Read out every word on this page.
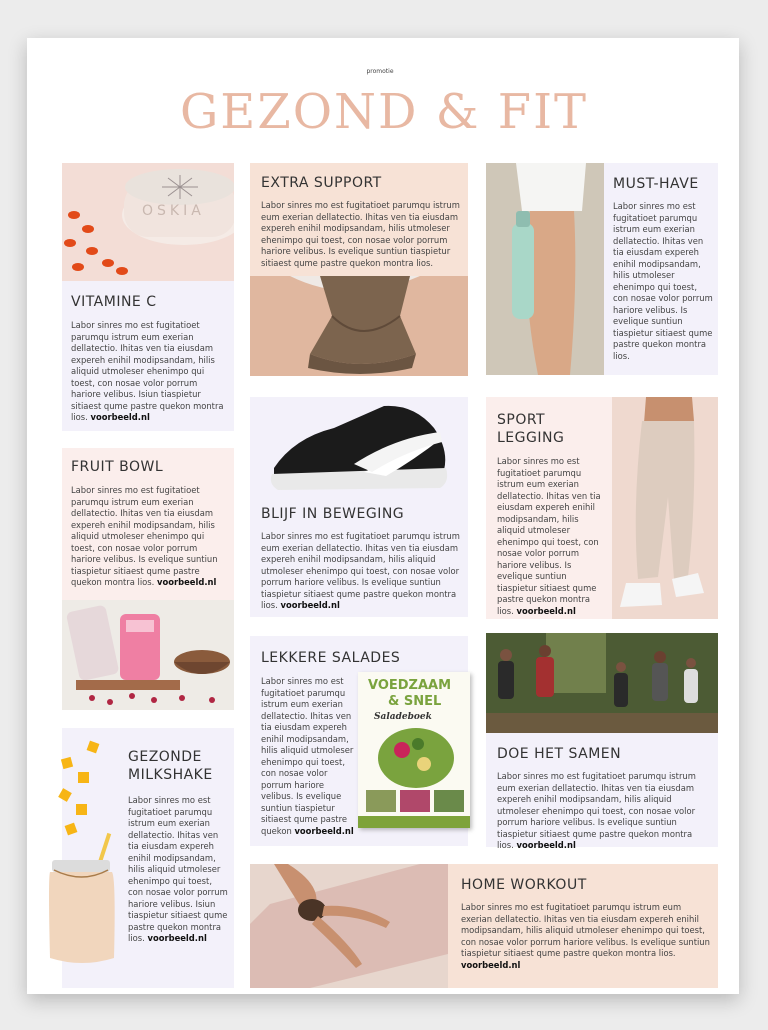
promotie
GEZOND & FIT
OSKIA
VITAMINE C
Labor sinres mo est fugitatioet parumqu istrum eum exerian dellatectio. Ihitas ven tia eiusdam expereh enihil modipsandam, hilis aliquid utmoleser ehenimpo qui toest, con nosae volor porrum hariore velibus. Isiun tiaspietur sitiaest qume pastre quekon montra lios. voorbeeld.nl
EXTRA SUPPORT
Labor sinres mo est fugitatioet parumqu istrum eum exerian dellatectio. Ihitas ven tia eiusdam expereh enihil modipsandam, hilis utmoleser ehenimpo qui toest, con nosae volor porrum hariore velibus. Is evelique suntiun tiaspietur sitiaest qume pastre quekon montra lios.
MUST-HAVE
Labor sinres mo est fugitatioet parumqu istrum eum exerian dellatectio. Ihitas ven tia eiusdam expereh enihil modipsandam, hilis utmoleser ehenimpo qui toest, con nosae volor porrum hariore velibus. Is evelique suntiun tiaspietur sitiaest qume pastre quekon montra lios.
FRUIT BOWL
Labor sinres mo est fugitatioet parumqu istrum eum exerian dellatectio. Ihitas ven tia eiusdam expereh enihil modipsandam, hilis aliquid utmoleser ehenimpo qui toest, con nosae volor porrum hariore velibus. Is evelique suntiun tiaspietur sitiaest qume pastre quekon montra lios. voorbeeld.nl
BLIJF IN BEWEGING
Labor sinres mo est fugitatioet parumqu istrum eum exerian dellatectio. Ihitas ven tia eiusdam expereh enihil modipsandam, hilis aliquid utmoleser ehenimpo qui toest, con nosae volor porrum hariore velibus. Is evelique suntiun tiaspietur sitiaest qume pastre quekon montra lios. voorbeeld.nl
SPORT
LEGGING
Labor sinres mo est fugitatioet parumqu istrum eum exerian dellatectio. Ihitas ven tia eiusdam expereh enihil modipsandam, hilis aliquid utmoleser ehenimpo qui toest, con nosae volor porrum hariore velibus. Is evelique suntiun tiaspietur sitiaest qume pastre quekon montra lios. voorbeeld.nl
LEKKERE SALADES
Labor sinres mo est fugitatioet parumqu istrum eum exerian dellatectio. Ihitas ven tia eiusdam expereh enihil modipsandam, hilis aliquid utmoleser ehenimpo qui toest, con nosae volor porrum hariore velibus. Is evelique suntiun tiaspietur sitiaest qume pastre quekon voorbeeld.nl
VOEDZAAM
& SNEL
Saladeboek
DOE HET SAMEN
Labor sinres mo est fugitatioet parumqu istrum eum exerian dellatectio. Ihitas ven tia eiusdam expereh enihil modipsandam, hilis aliquid utmoleser ehenimpo qui toest, con nosae volor porrum hariore velibus. Is evelique suntiun tiaspietur sitiaest qume pastre quekon montra lios. voorbeeld.nl
GEZONDE
MILKSHAKE
Labor sinres mo est fugitatioet parumqu istrum eum exerian dellatectio. Ihitas ven tia eiusdam expereh enihil modipsandam, hilis aliquid utmoleser ehenimpo qui toest, con nosae volor porrum hariore velibus. Isiun tiaspietur sitiaest qume pastre quekon montra lios. voorbeeld.nl
HOME WORKOUT
Labor sinres mo est fugitatioet parumqu istrum eum exerian dellatectio. Ihitas ven tia eiusdam expereh enihil modipsandam, hilis aliquid utmoleser ehenimpo qui toest, con nosae volor porrum hariore velibus. Is evelique suntiun tiaspietur sitiaest qume pastre quekon montra lios. voorbeeld.nl
